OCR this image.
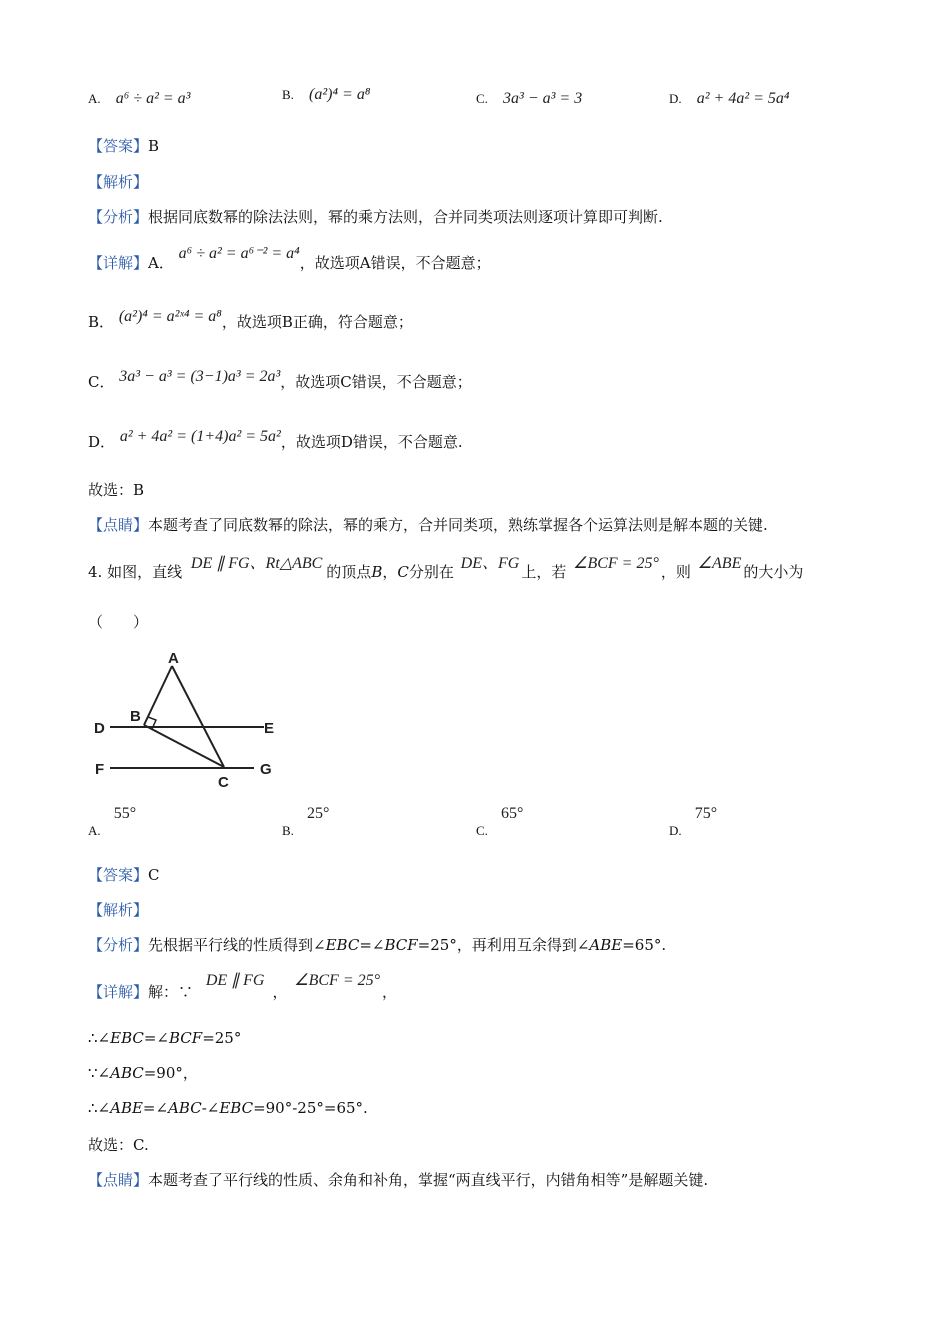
A. a⁶ ÷ a² = a³	B. (a²)⁴ = a⁸	C. 3a³ − a³ = 3	D. a² + 4a² = 5a⁴
【答案】B
【解析】
【分析】根据同底数幂的除法法则，幂的乘方法则，合并同类项法则逐项计算即可判断.
【详解】A． a⁶ ÷ a² = a⁶⁻² = a⁴，故选项A错误，不合题意；
B． (a²)⁴ = a²ˣ⁴ = a⁸，故选项B正确，符合题意；
C． 3a³ − a³ = (3−1)a³ = 2a³，故选项C错误，不合题意；
D． a² + 4a² = (1+4)a² = 5a²，故选项D错误，不合题意.
故选：B
【点睛】本题考查了同底数幂的除法，幂的乘方，合并同类项，熟练掌握各个运算法则是解本题的关键.
4. 如图，直线 DE ∥ FG、Rt△ABC 的顶点B，C分别在 DE、FG 上，若 ∠BCF = 25° ，则 ∠ABE 的大小为
（　　）
A
B
C
D	E
F	G
$_{A.}$ 55°
$_{B.}$ 25°
$_{C.}$ 65°
$_{D.}$ 75°
【答案】C
【解析】
【分析】先根据平行线的性质得到∠EBC=∠BCF=25°，再利用互余得到∠ABE=65°.
【详解】解：∵ DE ∥ FG， ∠BCF = 25°，
∴∠EBC=∠BCF=25°
∵∠ABC=90°，
∴∠ABE=∠ABC-∠EBC=90°-25°=65°.
故选：C.
【点睛】本题考查了平行线的性质、余角和补角，掌握“两直线平行，内错角相等”是解题关键.
